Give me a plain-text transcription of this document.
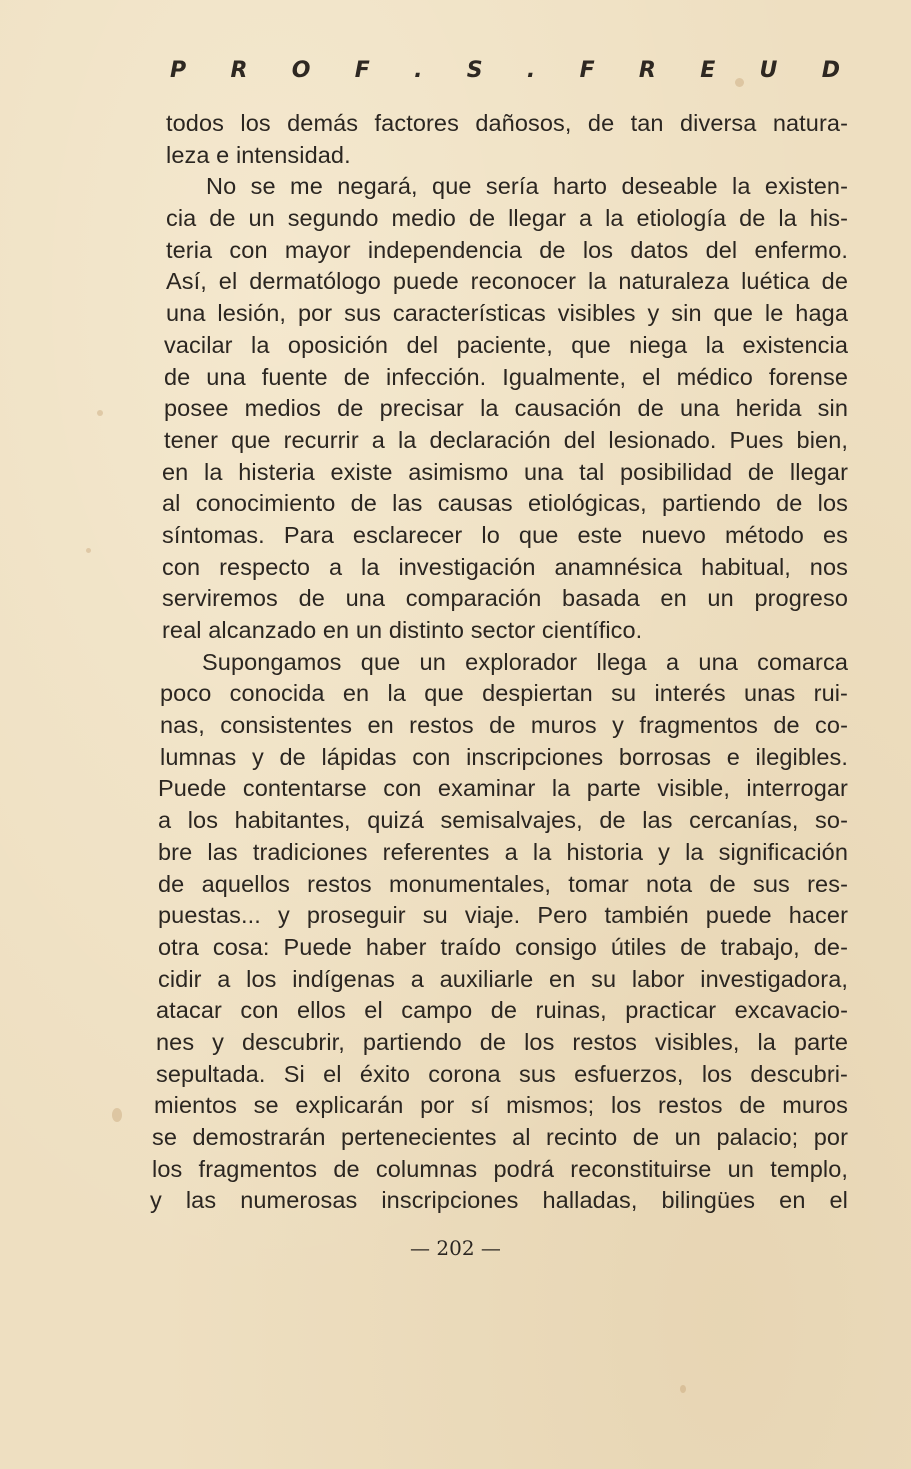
P R O F . S . F R E U D
todos los demás factores dañosos, de tan diversa natura-
leza e intensidad.
No se me negará, que sería harto deseable la existen-
cia de un segundo medio de llegar a la etiología de la his-
teria con mayor independencia de los datos del enfermo.
Así, el dermatólogo puede reconocer la naturaleza luética de
una lesión, por sus características visibles y sin que le haga
vacilar la oposición del paciente, que niega la existencia
de una fuente de infección. Igualmente, el médico forense
posee medios de precisar la causación de una herida sin
tener que recurrir a la declaración del lesionado. Pues bien,
en la histeria existe asimismo una tal posibilidad de llegar
al conocimiento de las causas etiológicas, partiendo de los
síntomas. Para esclarecer lo que este nuevo método es
con respecto a la investigación anamnésica habitual, nos
serviremos de una comparación basada en un progreso
real alcanzado en un distinto sector científico.
Supongamos que un explorador llega a una comarca
poco conocida en la que despiertan su interés unas rui-
nas, consistentes en restos de muros y fragmentos de co-
lumnas y de lápidas con inscripciones borrosas e ilegibles.
Puede contentarse con examinar la parte visible, interrogar
a los habitantes, quizá semisalvajes, de las cercanías, so-
bre las tradiciones referentes a la historia y la significación
de aquellos restos monumentales, tomar nota de sus res-
puestas... y proseguir su viaje. Pero también puede hacer
otra cosa: Puede haber traído consigo útiles de trabajo, de-
cidir a los indígenas a auxiliarle en su labor investigadora,
atacar con ellos el campo de ruinas, practicar excavacio-
nes y descubrir, partiendo de los restos visibles, la parte
sepultada. Si el éxito corona sus esfuerzos, los descubri-
mientos se explicarán por sí mismos; los restos de muros
se demostrarán pertenecientes al recinto de un palacio; por
los fragmentos de columnas podrá reconstituirse un templo,
y las numerosas inscripciones halladas, bilingües en el
— 202 —
